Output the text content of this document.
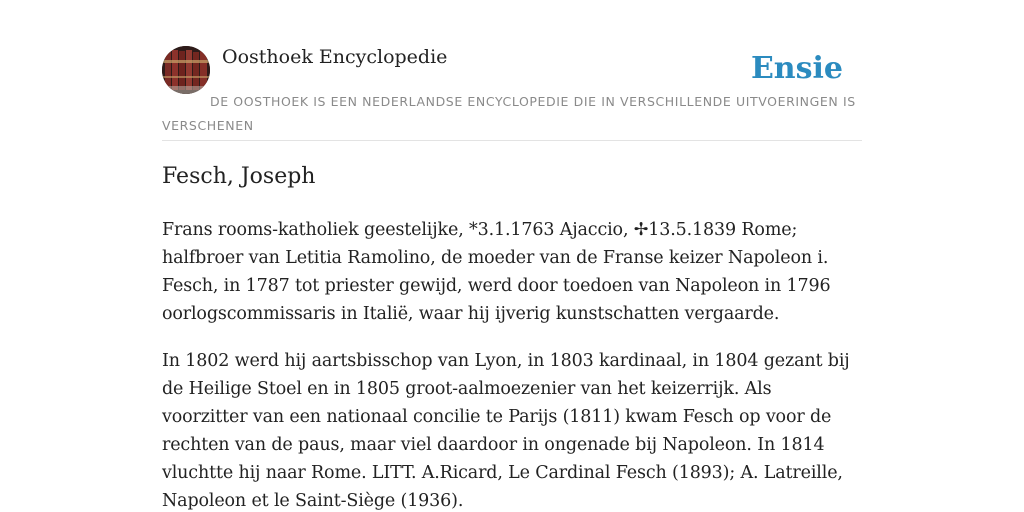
Oosthoek Encyclopedie	Ensie
DE OOSTHOEK IS EEN NEDERLANDSE ENCYCLOPEDIE DIE IN VERSCHILLENDE UITVOERINGEN IS VERSCHENEN
Fesch, Joseph

Frans rooms-katholiek geestelijke, *3.1.1763 Ajaccio, ✢13.5.1839 Rome; halfbroer van Letitia Ramolino, de moeder van de Franse keizer Napoleon i. Fesch, in 1787 tot priester gewijd, werd door toedoen van Napoleon in 1796 oorlogscommissaris in Italië, waar hij ijverig kunstschatten vergaarde.

In 1802 werd hij aartsbisschop van Lyon, in 1803 kardinaal, in 1804 gezant bij de Heilige Stoel en in 1805 groot-aalmoezenier van het keizerrijk. Als voorzitter van een nationaal concilie te Parijs (1811) kwam Fesch op voor de rechten van de paus, maar viel daardoor in ongenade bij Napoleon. In 1814 vluchtte hij naar Rome. LITT. A.Ricard, Le Cardinal Fesch (1893); A. Latreille, Napoleon et le Saint-Siège (1936).
